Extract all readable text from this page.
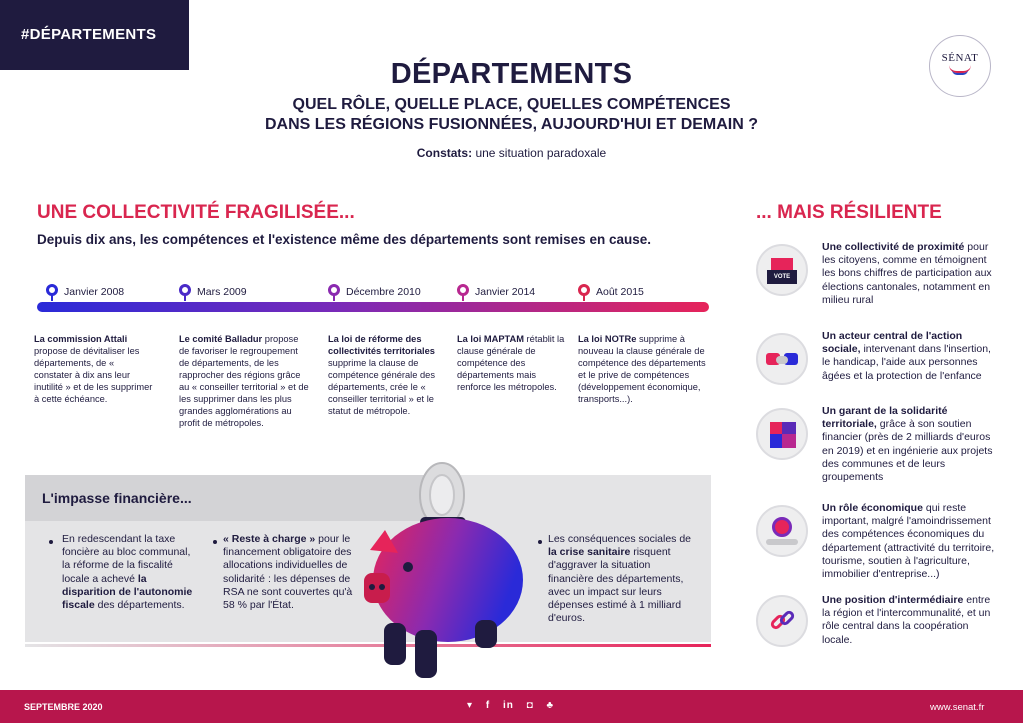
#DÉPARTEMENTS
SÉNAT
DÉPARTEMENTS
QUEL RÔLE, QUELLE PLACE, QUELLES COMPÉTENCES
DANS LES RÉGIONS FUSIONNÉES, AUJOURD'HUI ET DEMAIN ?
Constats: une situation paradoxale
UNE COLLECTIVITÉ FRAGILISÉE...	... MAIS RÉSILIENTE
Depuis dix ans, les compétences et l'existence même des départements sont remises en cause.
Janvier 2008	Mars 2009	Décembre 2010	Janvier 2014	Août 2015
La commission Attali propose de dévitaliser les départements, de « constater à dix ans leur inutilité » et de les supprimer à cette échéance.
Le comité Balladur propose de favoriser le regroupement de départements, de les rapprocher des régions grâce au « conseiller territorial » et de les supprimer dans les plus grandes agglomérations au profit de métropoles.
La loi de réforme des collectivités territoriales supprime la clause de compétence générale des départements, crée le « conseiller territorial » et le statut de métropole.
La loi MAPTAM rétablit la clause générale de compétence des départements mais renforce les métropoles.
La loi NOTRe supprime à nouveau la clause générale de compétence des départements et le prive de compétences (développement économique, transports...).
L'impasse financière...
En redescendant la taxe foncière au bloc communal, la réforme de la fiscalité locale a achevé la disparition de l'autonomie fiscale des départements.
« Reste à charge » pour le financement obligatoire des allocations individuelles de solidarité : les dépenses de RSA ne sont couvertes qu'à 58 % par l'État.
Les conséquences sociales de la crise sanitaire risquent d'aggraver la situation financière des départements, avec un impact sur leurs dépenses estimé à 1 milliard d'euros.
VOTE
Une collectivité de proximité pour les citoyens, comme en témoignent les bons chiffres de participation aux élections cantonales, notamment en milieu rural
Un acteur central de l'action sociale, intervenant dans l'insertion, le handicap, l'aide aux personnes âgées et la protection de l'enfance
Un garant de la solidarité territoriale, grâce à son soutien financier (près de 2 milliards d'euros en 2019) et en ingénierie aux projets des communes et de leurs groupements
Un rôle économique qui reste important, malgré l'amoindrissement des compétences économiques du département (attractivité du territoire, tourisme, soutien à l'agriculture, immobilier d'entreprise...)
Une position d'intermédiaire entre la région et l'intercommunalité, et un rôle central dans la coopération locale.
SEPTEMBRE 2020	▾ f in ◘ ♣	www.senat.fr
